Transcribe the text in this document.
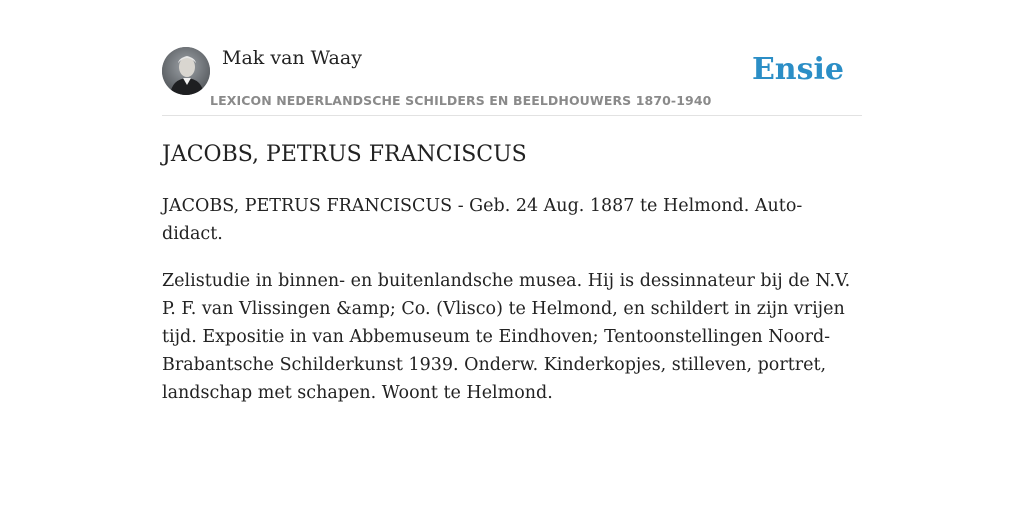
Mak van Waay
LEXICON NEDERLANDSCHE SCHILDERS EN BEELDHOUWERS 1870-1940
Ensie
JACOBS, PETRUS FRANCISCUS

JACOBS, PETRUS FRANCISCUS - Geb. 24 Aug. 1887 te Helmond. Auto-didact.

Zelistudie in binnen- en buitenlandsche musea. Hij is dessinnateur bij de N.V. P. F. van Vlissingen &amp; Co. (Vlisco) te Helmond, en schildert in zijn vrijen tijd. Expositie in van Abbemuseum te Eindhoven; Tentoonstellingen Noord-Brabantsche Schilderkunst 1939. Onderw. Kinderkopjes, stilleven, portret, landschap met schapen. Woont te Helmond.
